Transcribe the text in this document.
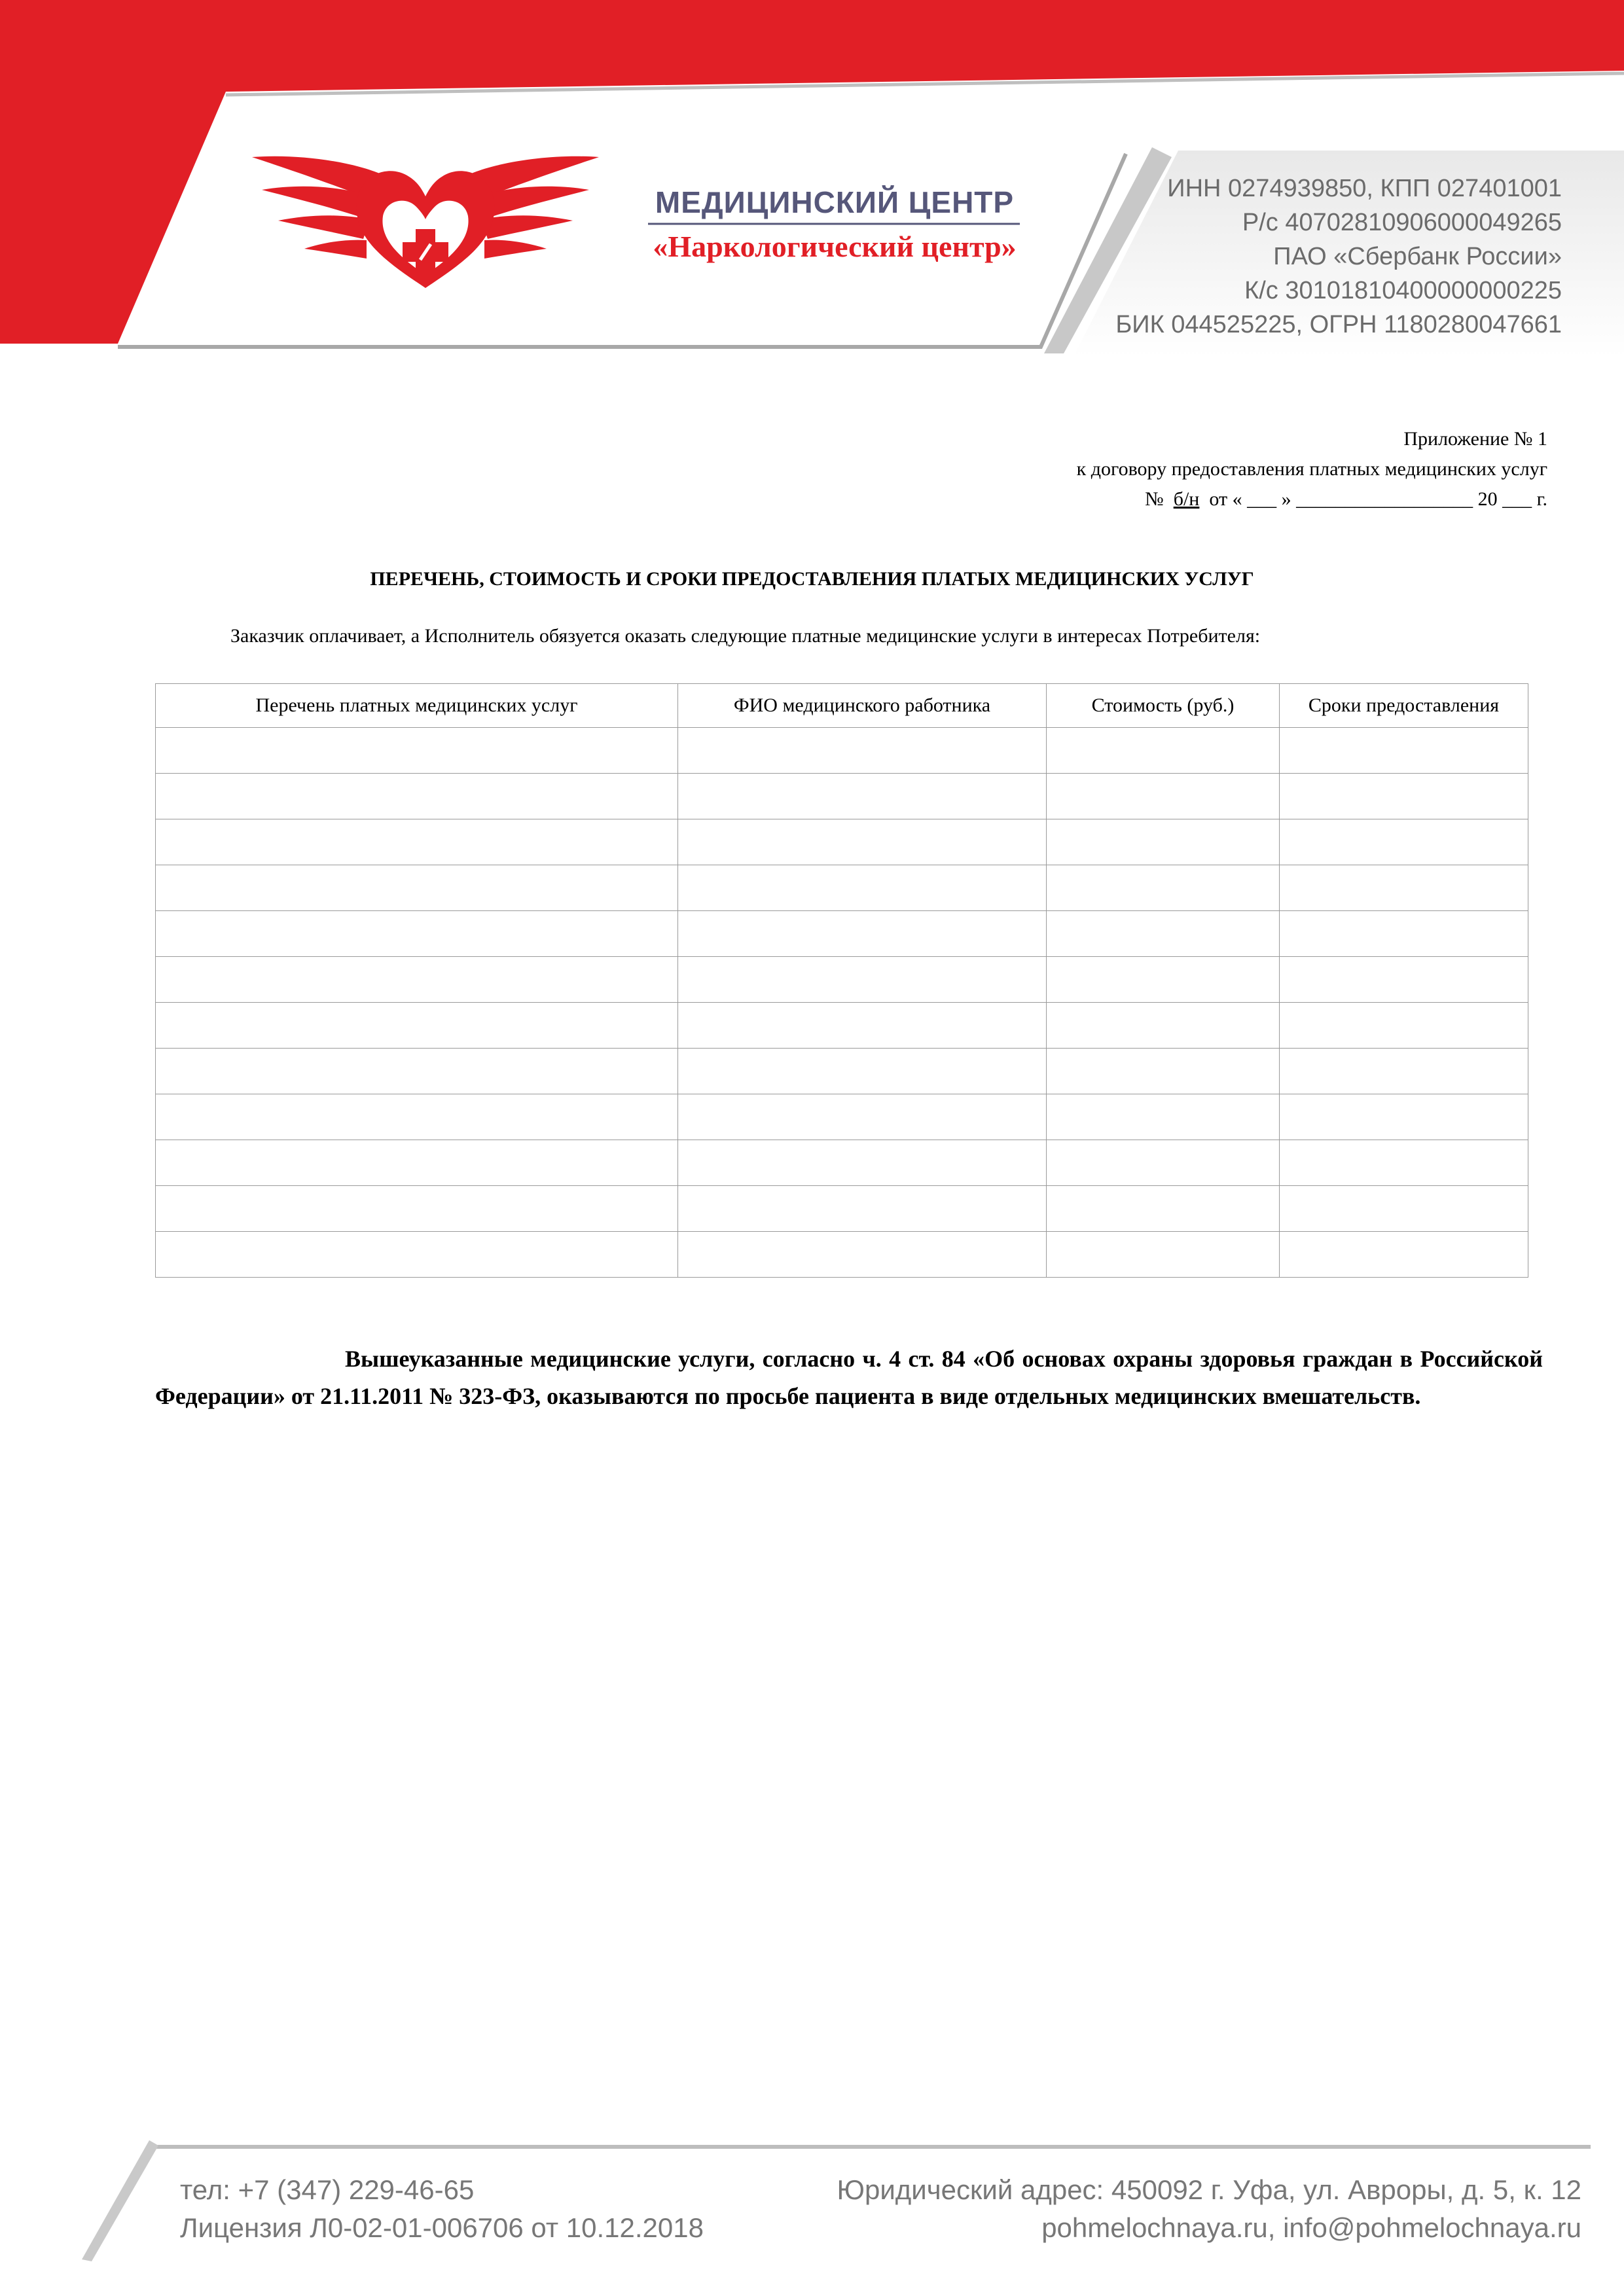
МЕДИЦИНСКИЙ ЦЕНТР
«Наркологический центр»
ИНН 0274939850, КПП 027401001
Р/с 40702810906000049265
ПАО «Сбербанк России»
К/с 30101810400000000225
БИК 044525225, ОГРН 1180280047661
Приложение № 1
к договору предоставления платных медицинских услуг
№ б/н от « ___ » __________________ 20 ___ г.
ПЕРЕЧЕНЬ, СТОИМОСТЬ И СРОКИ ПРЕДОСТАВЛЕНИЯ ПЛАТЫХ МЕДИЦИНСКИХ УСЛУГ
Заказчик оплачивает, а Исполнитель обязуется оказать следующие платные медицинские услуги в интересах Потребителя:
Перечень платных медицинских услуг	ФИО медицинского работника	Стоимость (руб.)	Сроки предоставления

Вышеуказанные медицинские услуги, согласно ч. 4 ст. 84 «Об основах охраны здоровья граждан в Российской Федерации» от 21.11.2011 № 323-ФЗ, оказываются по просьбе пациента в виде отдельных медицинских вмешательств.
тел: +7 (347) 229-46-65
Лицензия Л0-02-01-006706 от 10.12.2018
Юридический адрес: 450092 г. Уфа, ул. Авроры, д. 5, к. 12
pohmelochnaya.ru, info@pohmelochnaya.ru
